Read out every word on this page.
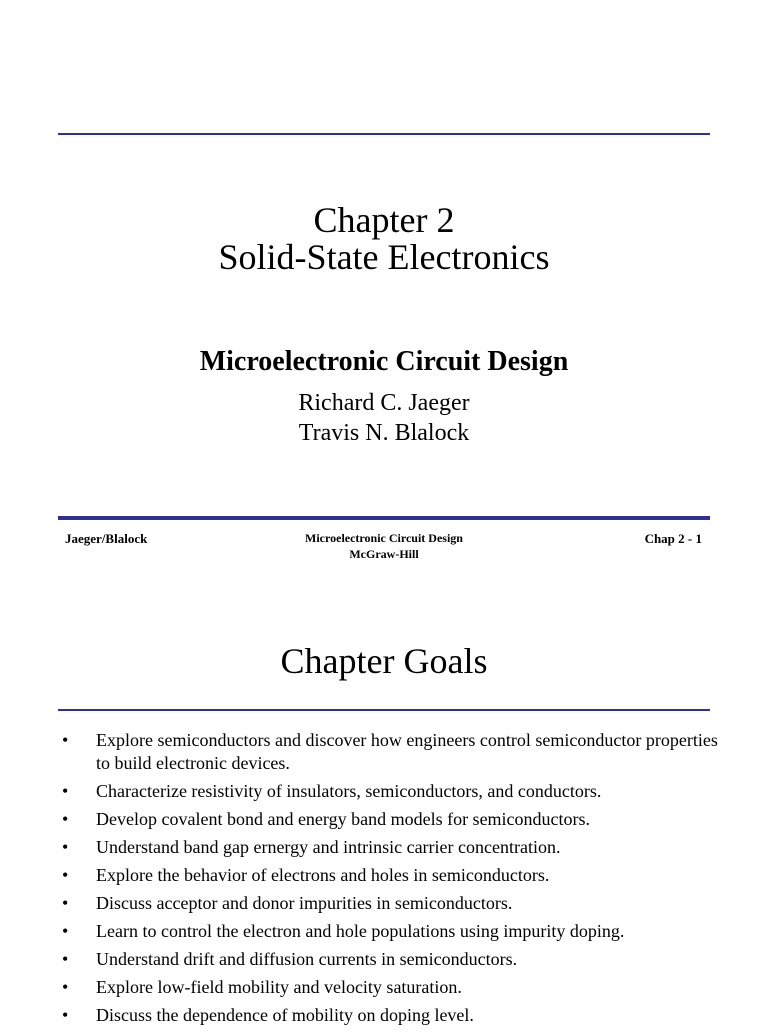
Chapter 2
Solid-State Electronics
Microelectronic Circuit Design
Richard C. Jaeger
Travis N. Blalock
Jaeger/Blalock	Microelectronic Circuit Design
McGraw-Hill
Chap 2 - 1
Chapter Goals
•	Explore semiconductors and discover how engineers control semiconductor properties to build electronic devices.
•	Characterize resistivity of insulators, semiconductors, and conductors.
•	Develop covalent bond and energy band models for semiconductors.
•	Understand band gap ernergy and intrinsic carrier concentration.
•	Explore the behavior of electrons and holes in semiconductors.
•	Discuss acceptor and donor impurities in semiconductors.
•	Learn to control the electron and hole populations using impurity doping.
•	Understand drift and diffusion currents in semiconductors.
•	Explore low-field mobility and velocity saturation.
•	Discuss the dependence of mobility on doping level.
